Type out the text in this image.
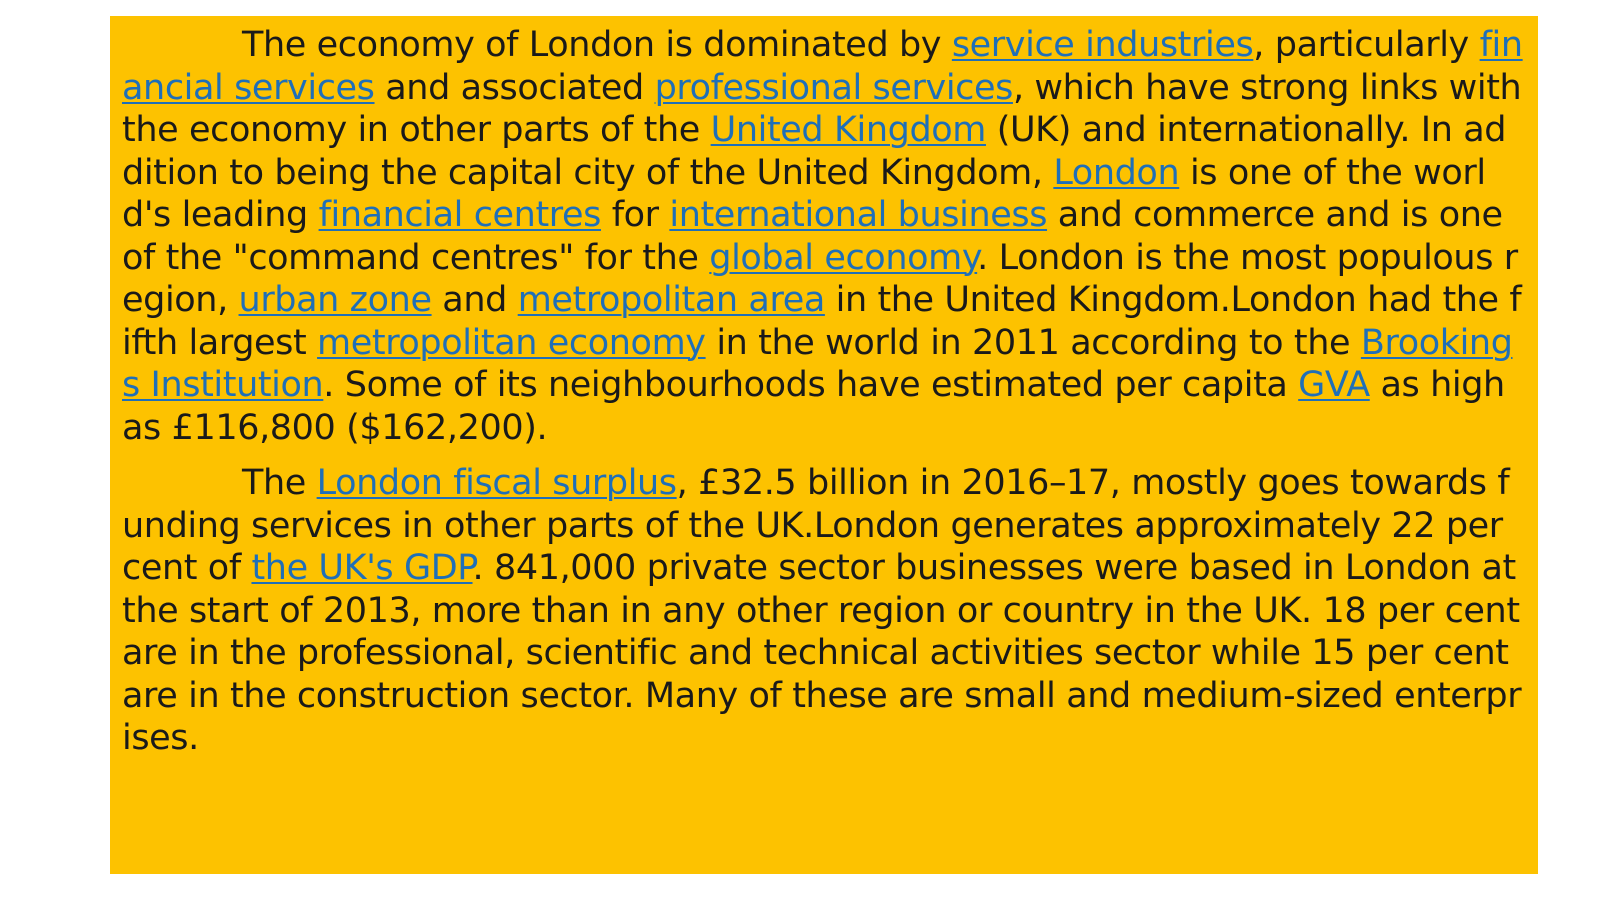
The economy of London is dominated by service industries, particularly financial services and associated professional services, which have strong links with the economy in other parts of the United Kingdom (UK) and internationally. In addition to being the capital city of the United Kingdom, London is one of the world's leading financial centres for international business and commerce and is one of the "command centres" for the global economy. London is the most populous region, urban zone and metropolitan area in the United Kingdom.London had the fifth largest metropolitan economy in the world in 2011 according to the Brookings Institution. Some of its neighbourhoods have estimated per capita GVA as high as £116,800 ($162,200).

The London fiscal surplus, £32.5 billion in 2016–17, mostly goes towards funding services in other parts of the UK.London generates approximately 22 per cent of the UK's GDP. 841,000 private sector businesses were based in London at the start of 2013, more than in any other region or country in the UK. 18 per cent are in the professional, scientific and technical activities sector while 15 per cent are in the construction sector. Many of these are small and medium-sized enterprises.
